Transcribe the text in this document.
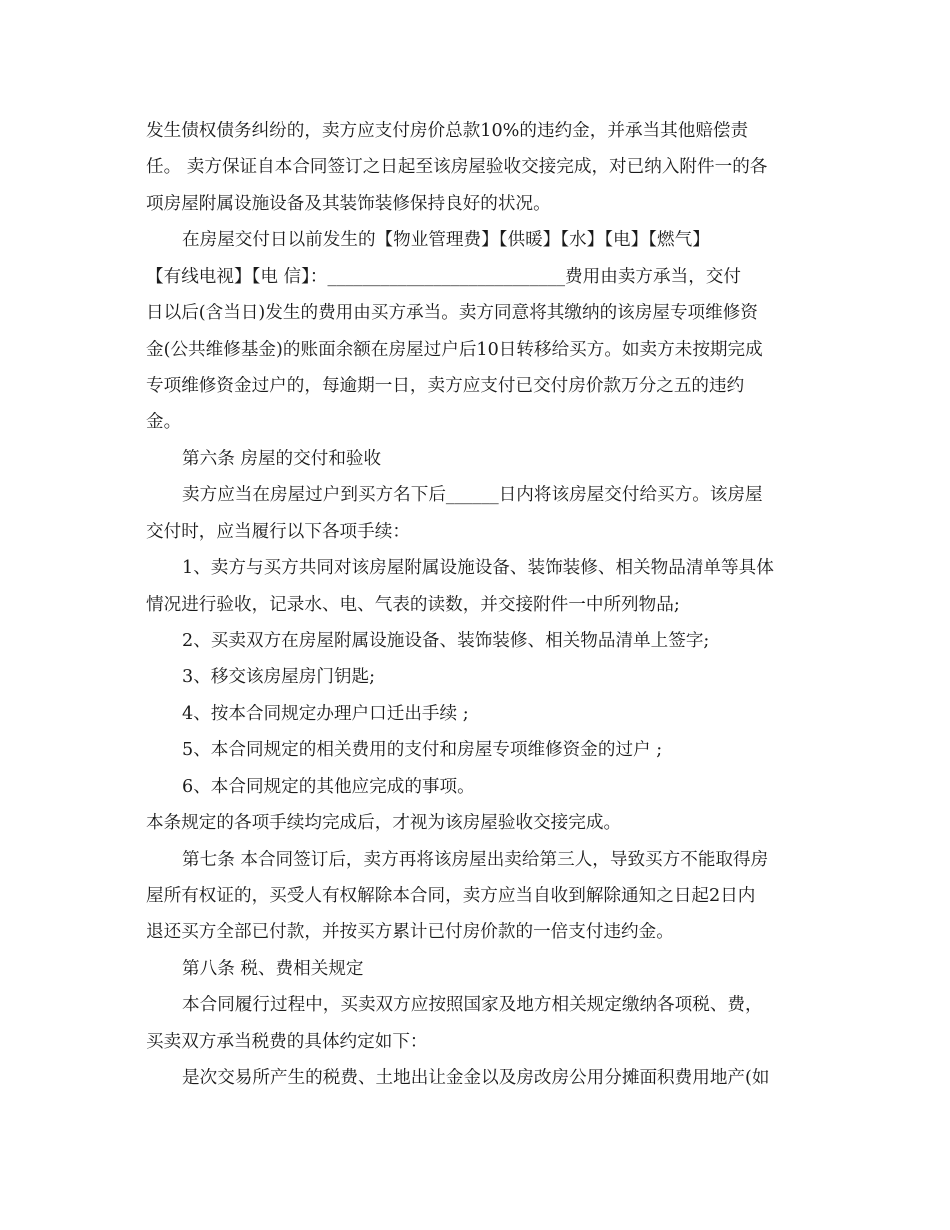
发生债权债务纠纷的，卖方应支付房价总款10%的违约金，并承当其他赔偿责
任。 卖方保证自本合同签订之日起至该房屋验收交接完成，对已纳入附件一的各
项房屋附属设施设备及其装饰装修保持良好的状况。
在房屋交付日以前发生的【物业管理费】【供暖】【水】【电】【燃气】
【有线电视】【电 信】：___________________________费用由卖方承当，交付
日以后(含当日)发生的费用由买方承当。卖方同意将其缴纳的该房屋专项维修资
金(公共维修基金)的账面余额在房屋过户后10日转移给买方。如卖方未按期完成
专项维修资金过户的，每逾期一日，卖方应支付已交付房价款万分之五的违约
金。
第六条 房屋的交付和验收
卖方应当在房屋过户到买方名下后______日内将该房屋交付给买方。该房屋
交付时，应当履行以下各项手续：
1、卖方与买方共同对该房屋附属设施设备、装饰装修、相关物品清单等具体
情况进行验收，记录水、电、气表的读数，并交接附件一中所列物品;
2、买卖双方在房屋附属设施设备、装饰装修、相关物品清单上签字;
3、移交该房屋房门钥匙;
4、按本合同规定办理户口迁出手续 ;
5、本合同规定的相关费用的支付和房屋专项维修资金的过户 ;
6、本合同规定的其他应完成的事项。
本条规定的各项手续均完成后，才视为该房屋验收交接完成。
第七条 本合同签订后，卖方再将该房屋出卖给第三人，导致买方不能取得房
屋所有权证的，买受人有权解除本合同，卖方应当自收到解除通知之日起2日内
退还买方全部已付款，并按买方累计已付房价款的一倍支付违约金。
第八条 税、费相关规定
本合同履行过程中，买卖双方应按照国家及地方相关规定缴纳各项税、费，
买卖双方承当税费的具体约定如下：
是次交易所产生的税费、土地出让金金以及房改房公用分摊面积费用地产(如
